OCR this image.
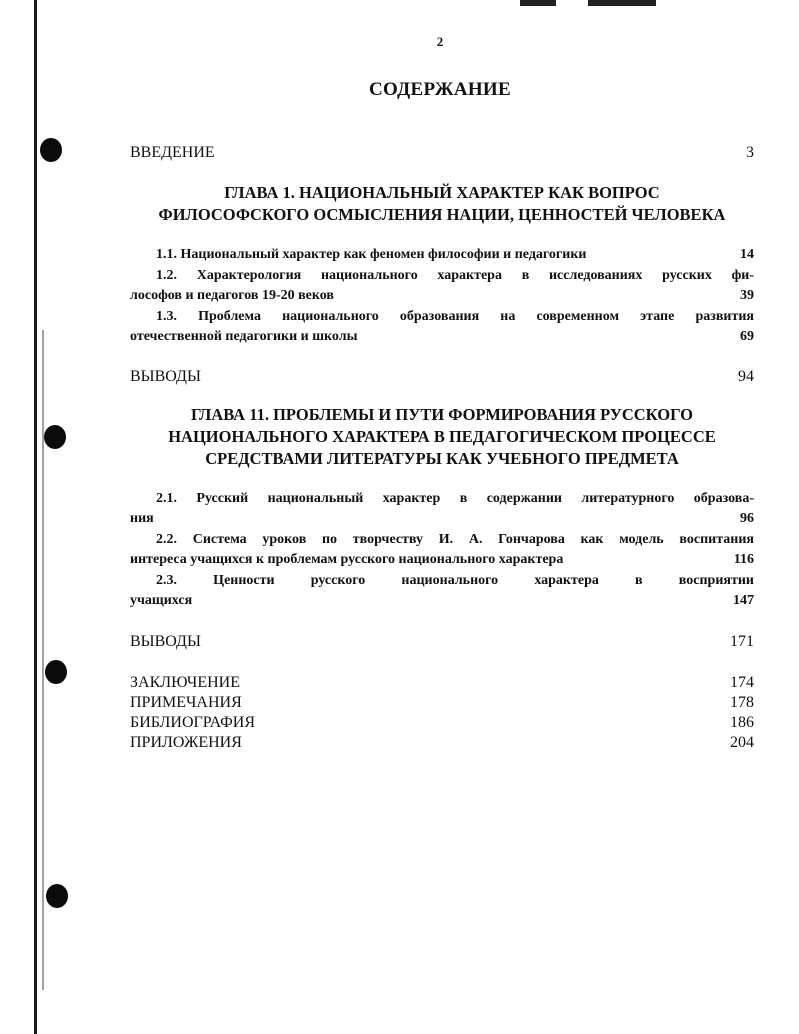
2
СОДЕРЖАНИЕ
ВВЕДЕНИЕ	3
ГЛАВА 1. НАЦИОНАЛЬНЫЙ ХАРАКТЕР КАК ВОПРОС
ФИЛОСОФСКОГО ОСМЫСЛЕНИЯ НАЦИИ, ЦЕННОСТЕЙ ЧЕЛОВЕКА
1.1. Национальный характер как феномен философии и педагогики	14
1.2. Характерология национального характера в исследованиях русских фи-
лософов и педагогов 19-20 веков	39
1.3. Проблема национального образования на современном этапе развития
отечественной педагогики и школы	69
ВЫВОДЫ	94
ГЛАВА 11. ПРОБЛЕМЫ И ПУТИ ФОРМИРОВАНИЯ РУССКОГО
НАЦИОНАЛЬНОГО ХАРАКТЕРА В ПЕДАГОГИЧЕСКОМ ПРОЦЕССЕ
СРЕДСТВАМИ ЛИТЕРАТУРЫ КАК УЧЕБНОГО ПРЕДМЕТА
2.1. Русский национальный характер в содержании литературного образова-
ния	96
2.2. Система уроков по творчеству И. А. Гончарова как модель воспитания
интереса учащихся к проблемам русского национального характера	116
2.3. Ценности русского национального характера в восприятии
учащихся	147
ВЫВОДЫ	171
ЗАКЛЮЧЕНИЕ	174
ПРИМЕЧАНИЯ	178
БИБЛИОГРАФИЯ	186
ПРИЛОЖЕНИЯ	204
